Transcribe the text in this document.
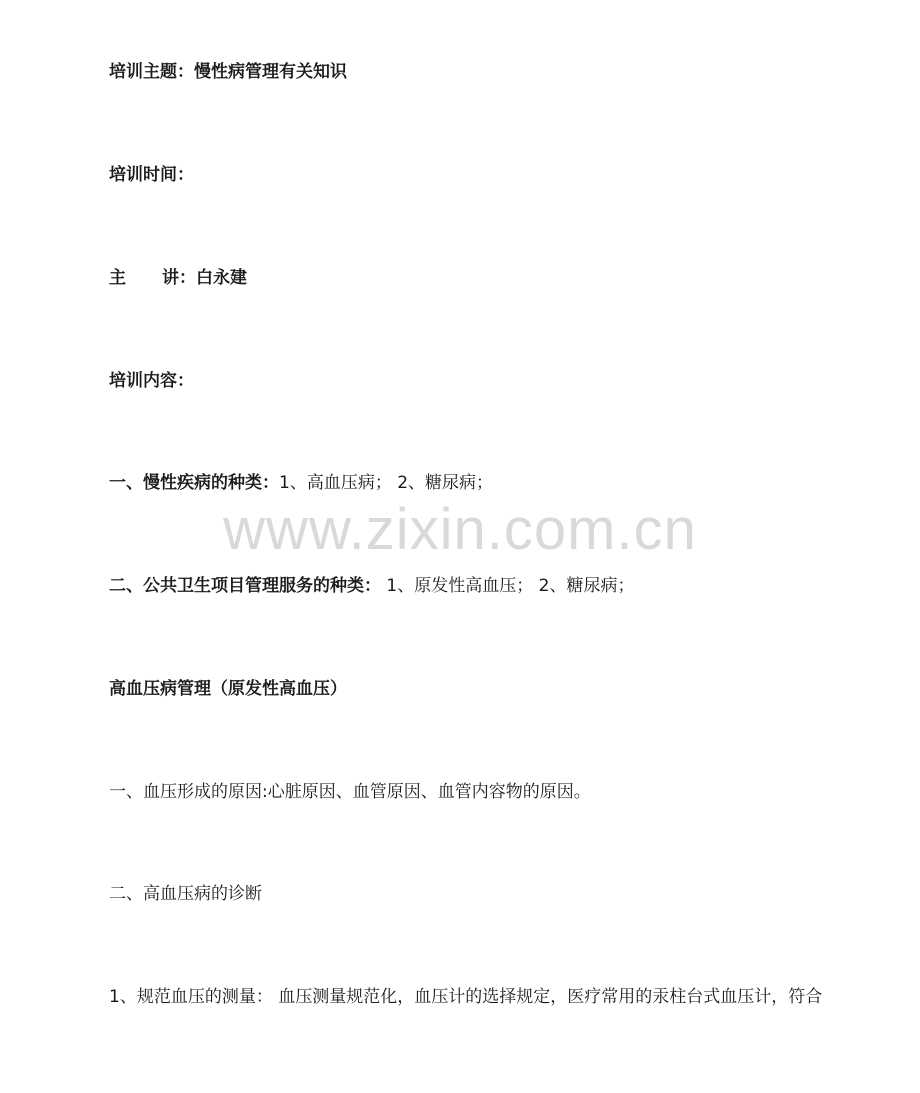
www.zixin.com.cn
培训主题：慢性病管理有关知识
培训时间：
主 讲：白永建
培训内容：
一、慢性疾病的种类：1、高血压病； 2、糖尿病；
二、公共卫生项目管理服务的种类： 1、原发性高血压； 2、糖尿病；
高血压病管理（原发性高血压）
一、血压形成的原因:心脏原因、血管原因、血管内容物的原因。
二、高血压病的诊断
1、规范血压的测量： 血压测量规范化，血压计的选择规定，医疗常用的汞柱台式血压计，符合
